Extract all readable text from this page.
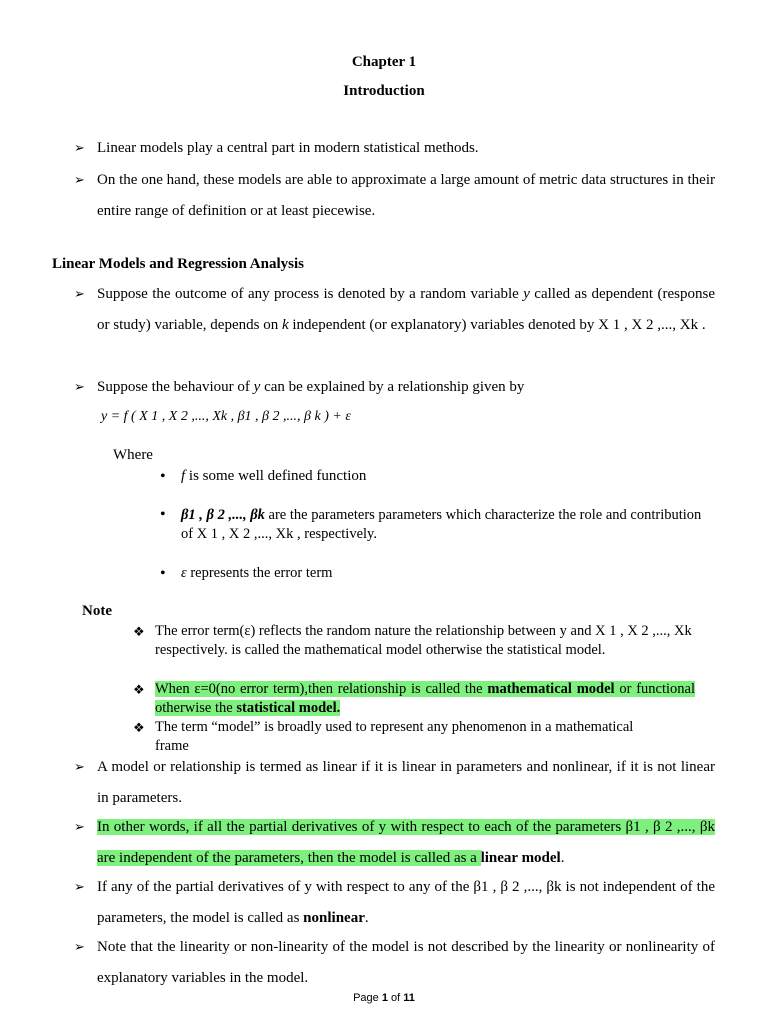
Chapter 1
Introduction
➢ Linear models play a central part in modern statistical methods.
➢ On the one hand, these models are able to approximate a large amount of metric data structures in their entire range of definition or at least piecewise.
Linear Models and Regression Analysis
➢ Suppose the outcome of any process is denoted by a random variable y called as dependent (response or study) variable, depends on k independent (or explanatory) variables denoted by X 1 , X 2 ,..., Xk .
➢ Suppose the behaviour of y can be explained by a relationship given by
y = f ( X 1 , X 2 ,..., Xk , β1 , β 2 ,..., β k ) + ε
Where
• f is some well defined function
• β1 , β 2 ,..., βk are the parameters parameters which characterize the role and contribution of X 1 , X 2 ,..., Xk , respectively.
• ε represents the error term
Note
❖ The error term(ε) reflects the random nature the relationship between y and X 1 , X 2 ,..., Xk respectively. is called the mathematical model otherwise the statistical model.
❖ When ε=0(no error term),then relationship is called the mathematical model or functional otherwise the statistical model.
❖ The term “model” is broadly used to represent any phenomenon in a mathematical frame
➢ A model or relationship is termed as linear if it is linear in parameters and nonlinear, if it is not linear in parameters.
➢ In other words, if all the partial derivatives of y with respect to each of the parameters β1 , β 2 ,..., βk are independent of the parameters, then the model is called as a linear model.
➢ If any of the partial derivatives of y with respect to any of the β1 , β 2 ,..., βk is not independent of the parameters, the model is called as nonlinear.
➢ Note that the linearity or non-linearity of the model is not described by the linearity or nonlinearity of explanatory variables in the model.
Page 1 of 11
